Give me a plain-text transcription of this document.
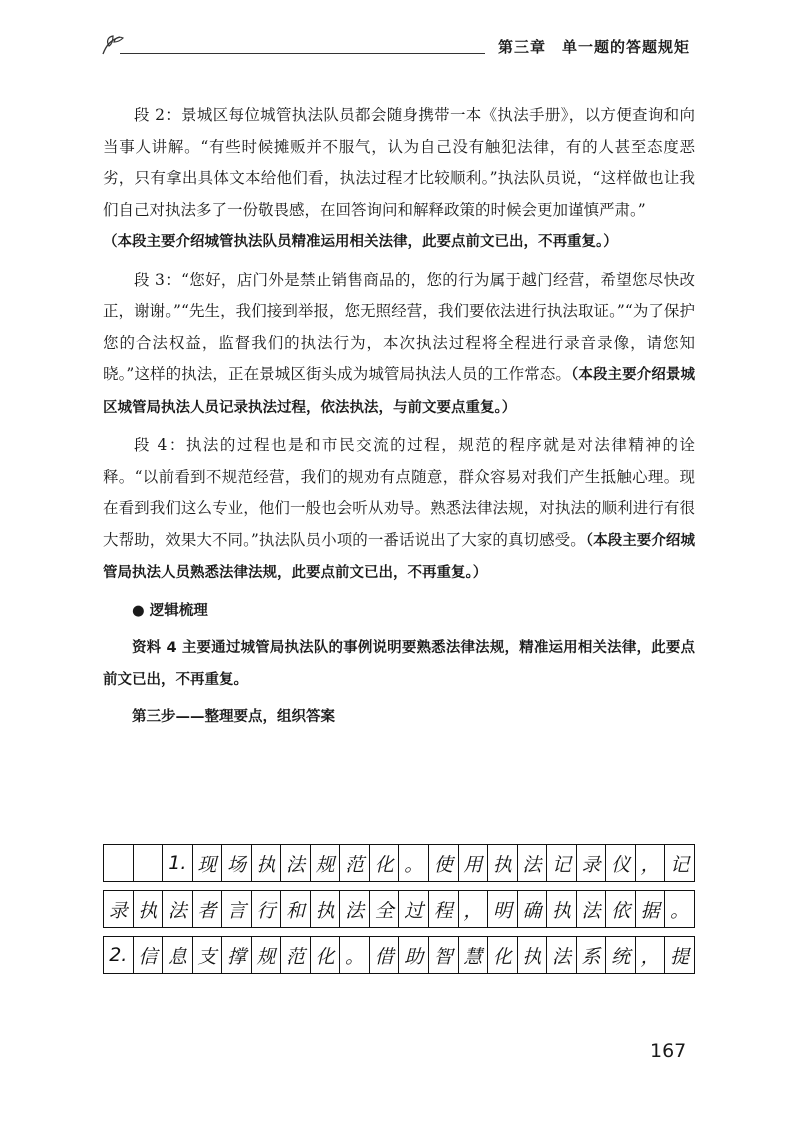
第三章 单一题的答题规矩

段 2：景城区每位城管执法队员都会随身携带一本《执法手册》，以方便查询和向当事人讲解。“有些时候摊贩并不服气，认为自己没有触犯法律，有的人甚至态度恶劣，只有拿出具体文本给他们看，执法过程才比较顺利。”执法队员说，“这样做也让我们自己对执法多了一份敬畏感，在回答询问和解释政策的时候会更加谨慎严肃。”
（本段主要介绍城管执法队员精准运用相关法律，此要点前文已出，不再重复。）

段 3：“您好，店门外是禁止销售商品的，您的行为属于越门经营，希望您尽快改正，谢谢。”“先生，我们接到举报，您无照经营，我们要依法进行执法取证。”“为了保护您的合法权益，监督我们的执法行为，本次执法过程将全程进行录音录像，请您知晓。”这样的执法，正在景城区街头成为城管局执法人员的工作常态。（本段主要介绍景城区城管局执法人员记录执法过程，依法执法，与前文要点重复。）

段 4：执法的过程也是和市民交流的过程，规范的程序就是对法律精神的诠释。“以前看到不规范经营，我们的规劝有点随意，群众容易对我们产生抵触心理。现在看到我们这么专业，他们一般也会听从劝导。熟悉法律法规，对执法的顺利进行有很大帮助，效果大不同。”执法队员小项的一番话说出了大家的真切感受。（本段主要介绍城管局执法人员熟悉法律法规，此要点前文已出，不再重复。）

● 逻辑梳理

资料 4 主要通过城管局执法队的事例说明要熟悉法律法规，精准运用相关法律，此要点前文已出，不再重复。

第三步——整理要点，组织答案

1. 现 场 执 法 规 范 化 。 使 用 执 法 记 录 仪 ， 记
录 执 法 者 言 行 和 执 法 全 过 程 ， 明 确 执 法 依 据 。
2. 信 息 支 撑 规 范 化 。 借 助 智 慧 化 执 法 系 统 ， 提
167
